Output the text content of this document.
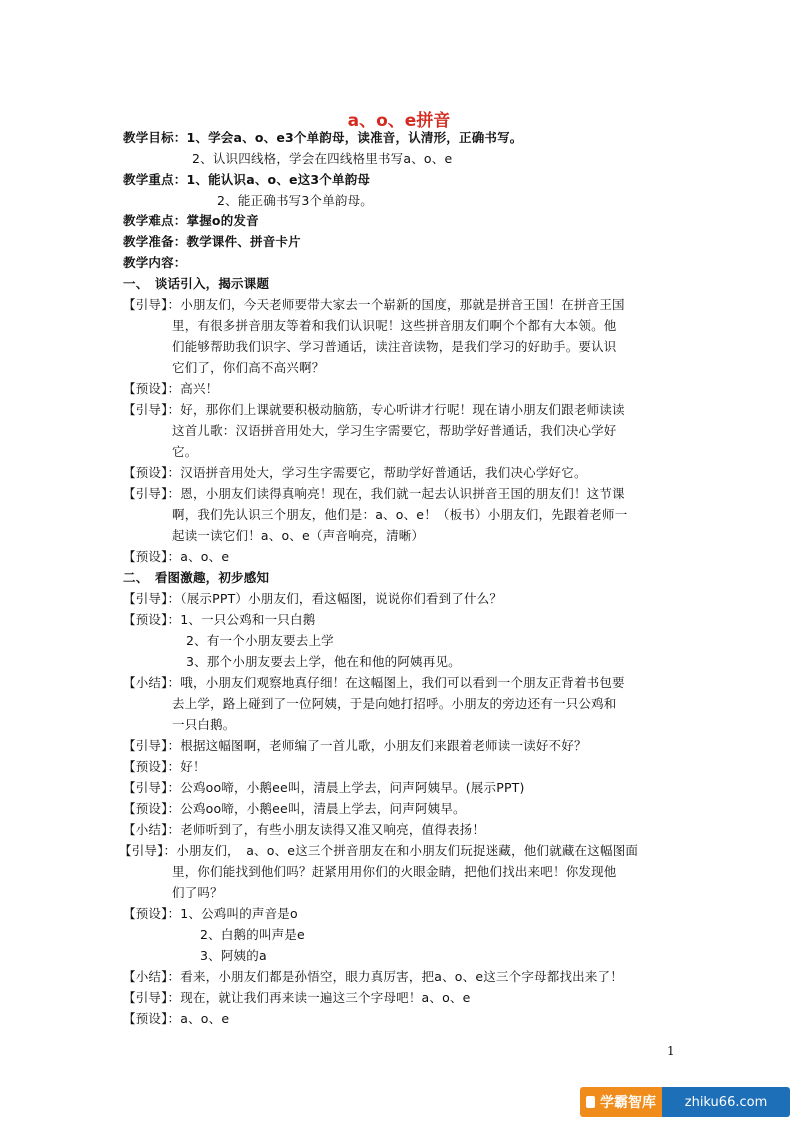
a、o、e拼音
教学目标：1、学会a、o、e3个单韵母，读准音，认清形，正确书写。
2、认识四线格，学会在四线格里书写a、o、e
教学重点：1、能认识a、o、e这3个单韵母
2、能正确书写3个单韵母。
教学难点：掌握o的发音
教学准备：教学课件、拼音卡片
教学内容：
一、　谈话引入，揭示课题
【引导】：小朋友们，今天老师要带大家去一个崭新的国度，那就是拼音王国！在拼音王国
里，有很多拼音朋友等着和我们认识呢！这些拼音朋友们啊个个都有大本领。他
们能够帮助我们识字、学习普通话，读注音读物，是我们学习的好助手。要认识
它们了，你们高不高兴啊？
【预设】：高兴！
【引导】：好，那你们上课就要积极动脑筋，专心听讲才行呢！现在请小朋友们跟老师读读
这首儿歌：汉语拼音用处大，学习生字需要它，帮助学好普通话，我们决心学好
它。
【预设】：汉语拼音用处大，学习生字需要它，帮助学好普通话，我们决心学好它。
【引导】：恩，小朋友们读得真响亮！现在，我们就一起去认识拼音王国的朋友们！这节课
啊，我们先认识三个朋友，他们是：a、o、e！（板书）小朋友们，先跟着老师一
起读一读它们！a、o、e（声音响亮，清晰）
【预设】：a、o、e
二、　看图激趣，初步感知
【引导】：（展示PPT）小朋友们，看这幅图，说说你们看到了什么？
【预设】：1、一只公鸡和一只白鹅
2、有一个小朋友要去上学
3、那个小朋友要去上学，他在和他的阿姨再见。
【小结】：哦，小朋友们观察地真仔细！在这幅图上，我们可以看到一个朋友正背着书包要
去上学，路上碰到了一位阿姨，于是向她打招呼。小朋友的旁边还有一只公鸡和
一只白鹅。
【引导】：根据这幅图啊，老师编了一首儿歌，小朋友们来跟着老师读一读好不好？
【预设】：好！
【引导】：公鸡oo啼，小鹅ee叫，清晨上学去，问声阿姨早。(展示PPT)
【预设】：公鸡oo啼，小鹅ee叫，清晨上学去，问声阿姨早。
【小结】：老师听到了，有些小朋友读得又准又响亮，值得表扬！
【引导】：小朋友们，　a、o、e这三个拼音朋友在和小朋友们玩捉迷藏，他们就藏在这幅图面
里，你们能找到他们吗？赶紧用用你们的火眼金睛，把他们找出来吧！你发现他
们了吗？
【预设】：1、公鸡叫的声音是o
2、白鹅的叫声是e
3、阿姨的a
【小结】：看来，小朋友们都是孙悟空，眼力真厉害，把a、o、e这三个字母都找出来了！
【引导】：现在，就让我们再来读一遍这三个字母吧！a、o、e
【预设】：a、o、e
1
学霸智库	zhiku66.com
